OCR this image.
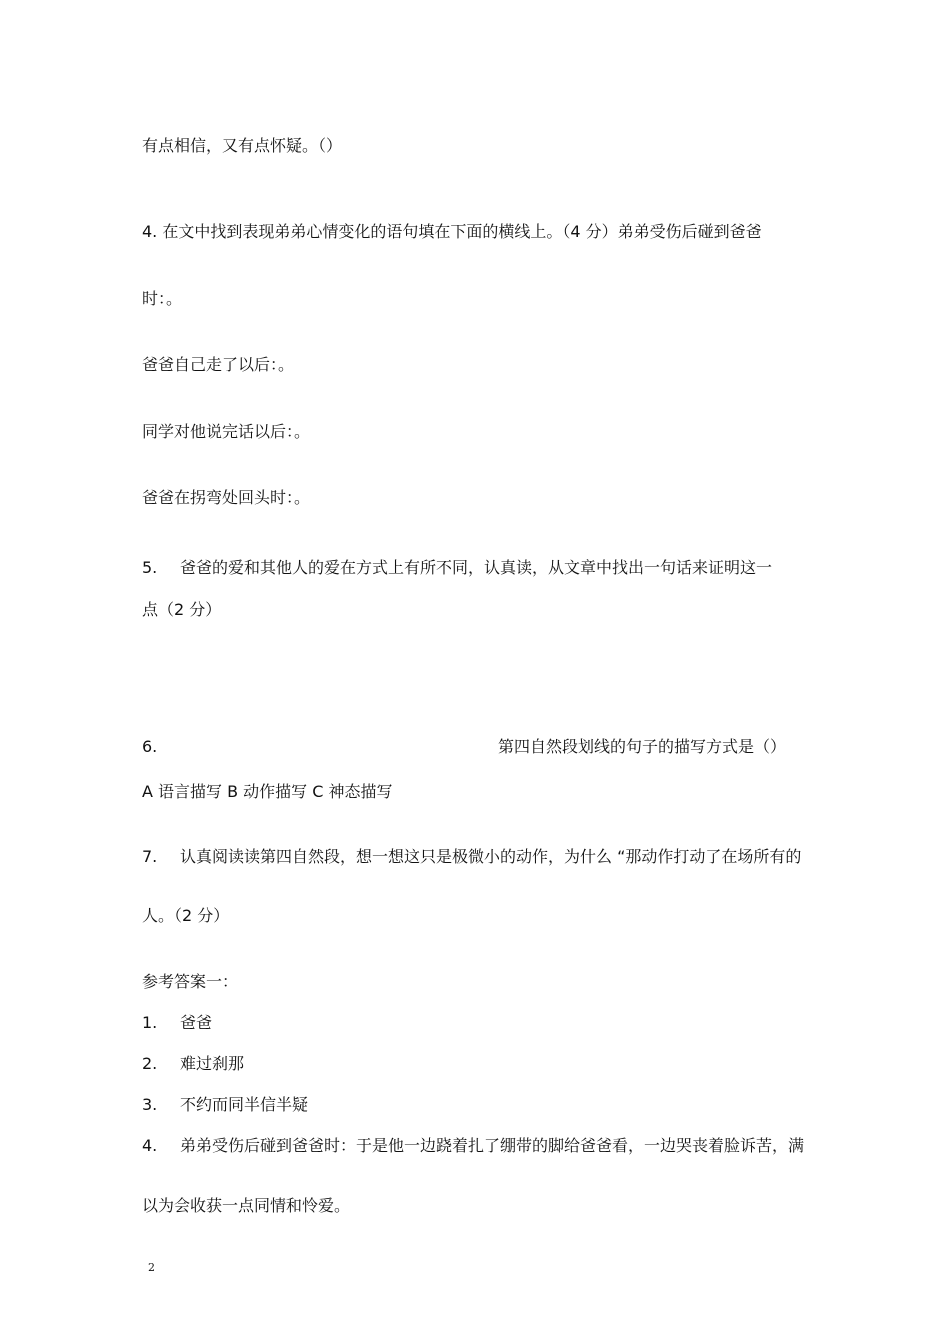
有点相信，又有点怀疑。（）
4. 在文中找到表现弟弟心情变化的语句填在下面的横线上。（4 分）弟弟受伤后碰到爸爸
时：。
爸爸自己走了以后：。
同学对他说完话以后：。
爸爸在拐弯处回头时：。
5. 爸爸的爱和其他人的爱在方式上有所不同，认真读，从文章中找出一句话来证明这一
点（2 分）
6.	第四自然段划线的句子的描写方式是（）
A 语言描写 B 动作描写 C 神态描写
7. 认真阅读读第四自然段，想一想这只是极微小的动作，为什么 “那动作打动了在场所有的
人。（2 分）
参考答案一：
1. 爸爸
2. 难过刹那
3. 不约而同半信半疑
4. 弟弟受伤后碰到爸爸时：于是他一边跷着扎了绷带的脚给爸爸看，一边哭丧着脸诉苦，满
以为会收获一点同情和怜爱。
2
